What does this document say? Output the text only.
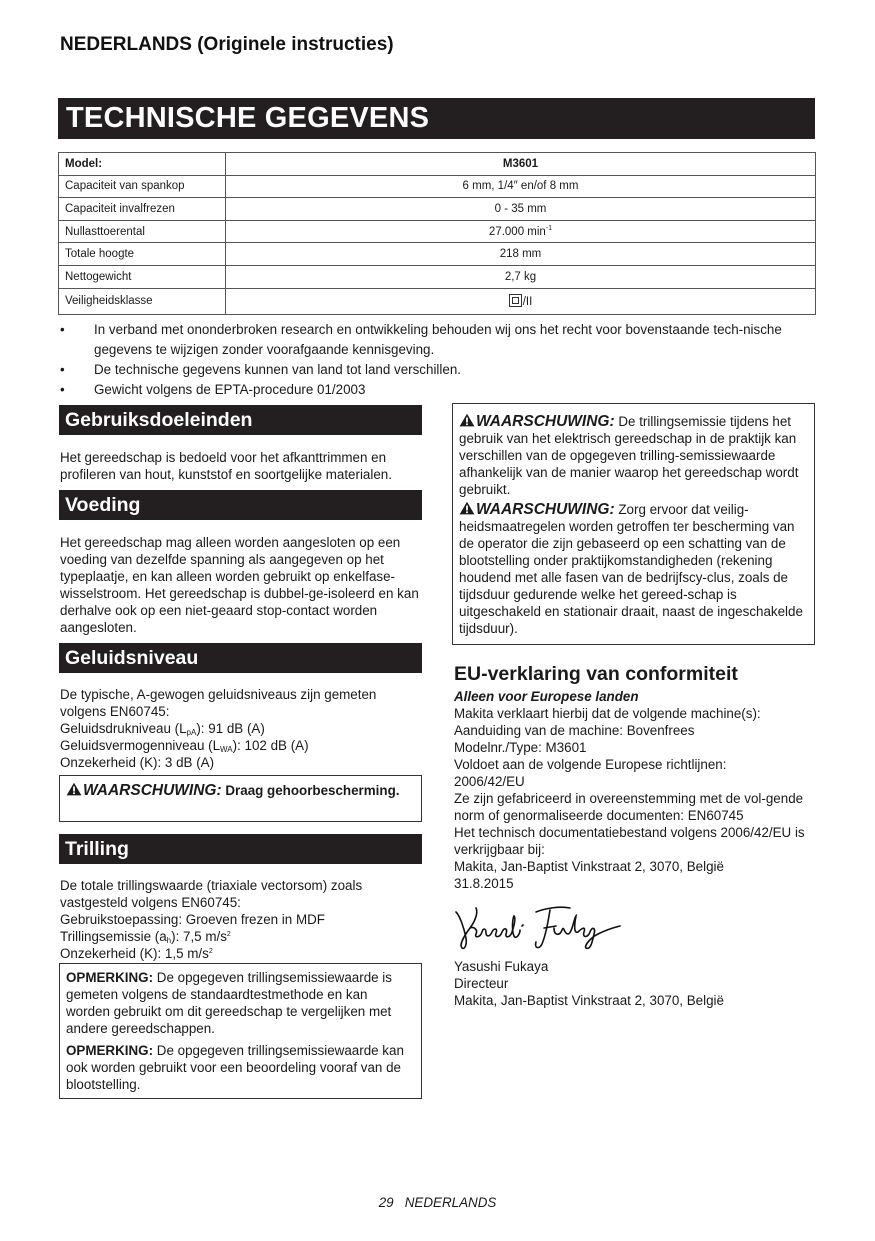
NEDERLANDS (Originele instructies)
TECHNISCHE GEGEVENS
Model:	M3601
Capaciteit van spankop	6 mm, 1/4″ en/of 8 mm
Capaciteit invalfrezen	0 - 35 mm
Nullasttoerental	27.000 $\min^{-1}$
Totale hoogte	218 mm
Nettogewicht	2,7 kg
Veiligheidsklasse	/II
• In verband met ononderbroken research en ontwikkeling behouden wij ons het recht voor bovenstaande tech-nische gegevens te wijzigen zonder voorafgaande kennisgeving.
• De technische gegevens kunnen van land tot land verschillen.
• Gewicht volgens de EPTA-procedure 01/2003
Gebruiksdoeleinden
Het gereedschap is bedoeld voor het afkanttrimmen en profileren van hout, kunststof en soortgelijke materialen.
Voeding
Het gereedschap mag alleen worden aangesloten op een voeding van dezelfde spanning als aangegeven op het typeplaatje, en kan alleen worden gebruikt op enkelfase-wisselstroom. Het gereedschap is dubbel-ge-isoleerd en kan derhalve ook op een niet-geaard stop-contact worden aangesloten.
Geluidsniveau
De typische, A-gewogen geluidsniveaus zijn gemeten volgens EN60745:
Geluidsdrukniveau $(L_{pA})$: 91 dB (A)
Geluidsvermogenniveau $(L_{WA})$: 102 dB (A)
Onzekerheid (K): 3 dB (A)
WAARSCHUWING: Draag gehoorbescherming.
Trilling
De totale trillingswaarde (triaxiale vectorsom) zoals vastgesteld volgens EN60745:
Gebruikstoepassing: Groeven frezen in MDF
Trillingsemissie $(a_h)$: 7,5 $m/s^2$
Onzekerheid (K): 1,5 $m/s^2$
OPMERKING: De opgegeven trillingsemissiewaarde is gemeten volgens de standaardtestmethode en kan worden gebruikt om dit gereedschap te vergelijken met andere gereedschappen.
OPMERKING: De opgegeven trillingsemissiewaarde kan ook worden gebruikt voor een beoordeling vooraf van de blootstelling.
WAARSCHUWING: De trillingsemissie tijdens het gebruik van het elektrisch gereedschap in de praktijk kan verschillen van de opgegeven trilling-semissiewaarde afhankelijk van de manier waarop het gereedschap wordt gebruikt.
WAARSCHUWING: Zorg ervoor dat veilig-heidsmaatregelen worden getroffen ter bescherming van de operator die zijn gebaseerd op een schatting van de blootstelling onder praktijkomstandigheden (rekening houdend met alle fasen van de bedrijfscy-clus, zoals de tijdsduur gedurende welke het gereed-schap is uitgeschakeld en stationair draait, naast de ingeschakelde tijdsduur).
EU-verklaring van conformiteit
Alleen voor Europese landen
Makita verklaart hierbij dat de volgende machine(s):
Aanduiding van de machine: Bovenfrees
Modelnr./Type: M3601
Voldoet aan de volgende Europese richtlijnen:
2006/42/EU
Ze zijn gefabriceerd in overeenstemming met de vol-gende norm of genormaliseerde documenten: EN60745
Het technisch documentatiebestand volgens 2006/42/EU is verkrijgbaar bij:
Makita, Jan-Baptist Vinkstraat 2, 3070, België
31.8.2015
Yasushi Fukaya
Directeur
Makita, Jan-Baptist Vinkstraat 2, 3070, België
29 NEDERLANDS
